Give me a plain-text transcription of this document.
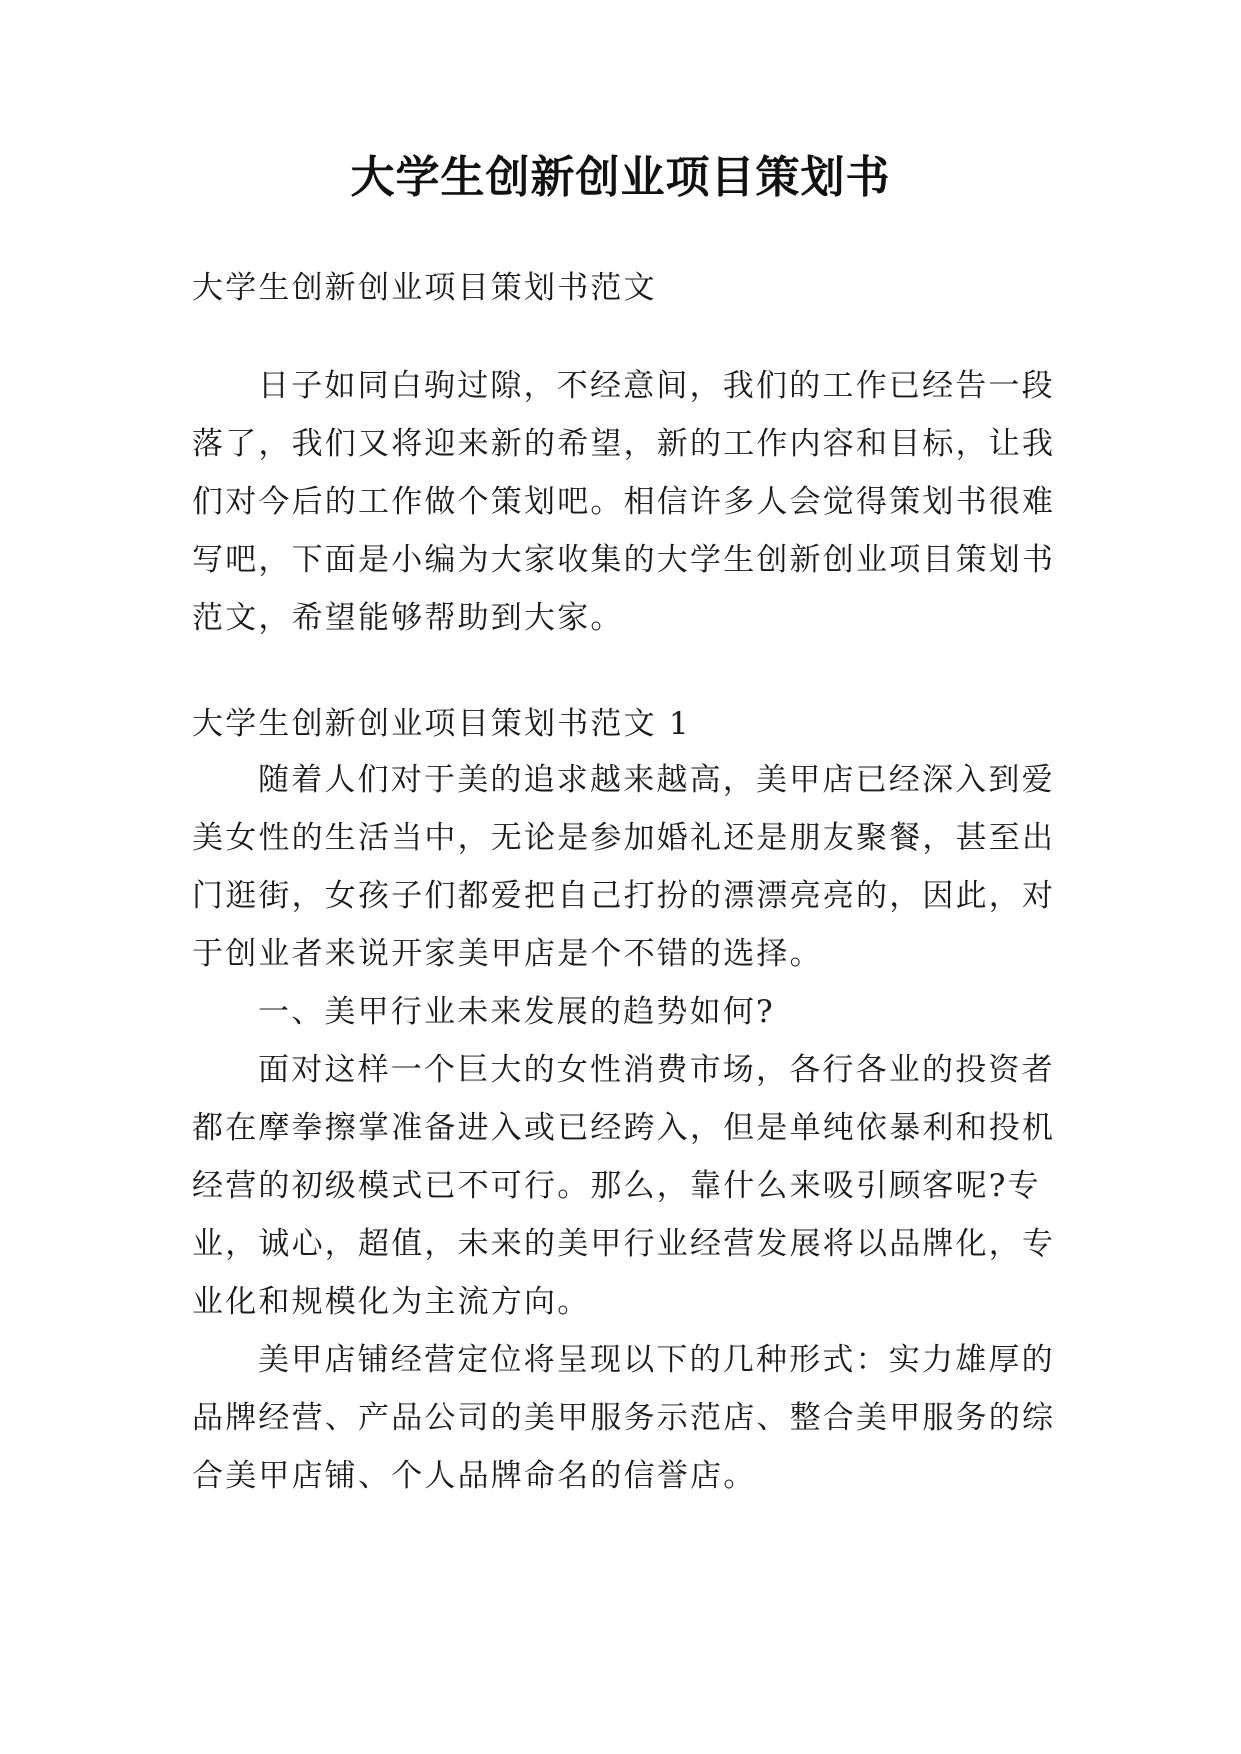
大学生创新创业项目策划书
大学生创新创业项目策划书范文
日子如同白驹过隙，不经意间，我们的工作已经告一段
落了，我们又将迎来新的希望，新的工作内容和目标，让我
们对今后的工作做个策划吧。相信许多人会觉得策划书很难
写吧，下面是小编为大家收集的大学生创新创业项目策划书
范文，希望能够帮助到大家。
大学生创新创业项目策划书范文 1
随着人们对于美的追求越来越高，美甲店已经深入到爱
美女性的生活当中，无论是参加婚礼还是朋友聚餐，甚至出
门逛街，女孩子们都爱把自己打扮的漂漂亮亮的，因此，对
于创业者来说开家美甲店是个不错的选择。
一、美甲行业未来发展的趋势如何?
面对这样一个巨大的女性消费市场，各行各业的投资者
都在摩拳擦掌准备进入或已经跨入，但是单纯依暴利和投机
经营的初级模式已不可行。那么，靠什么来吸引顾客呢?专
业，诚心，超值，未来的美甲行业经营发展将以品牌化，专
业化和规模化为主流方向。
美甲店铺经营定位将呈现以下的几种形式：实力雄厚的
品牌经营、产品公司的美甲服务示范店、整合美甲服务的综
合美甲店铺、个人品牌命名的信誉店。
